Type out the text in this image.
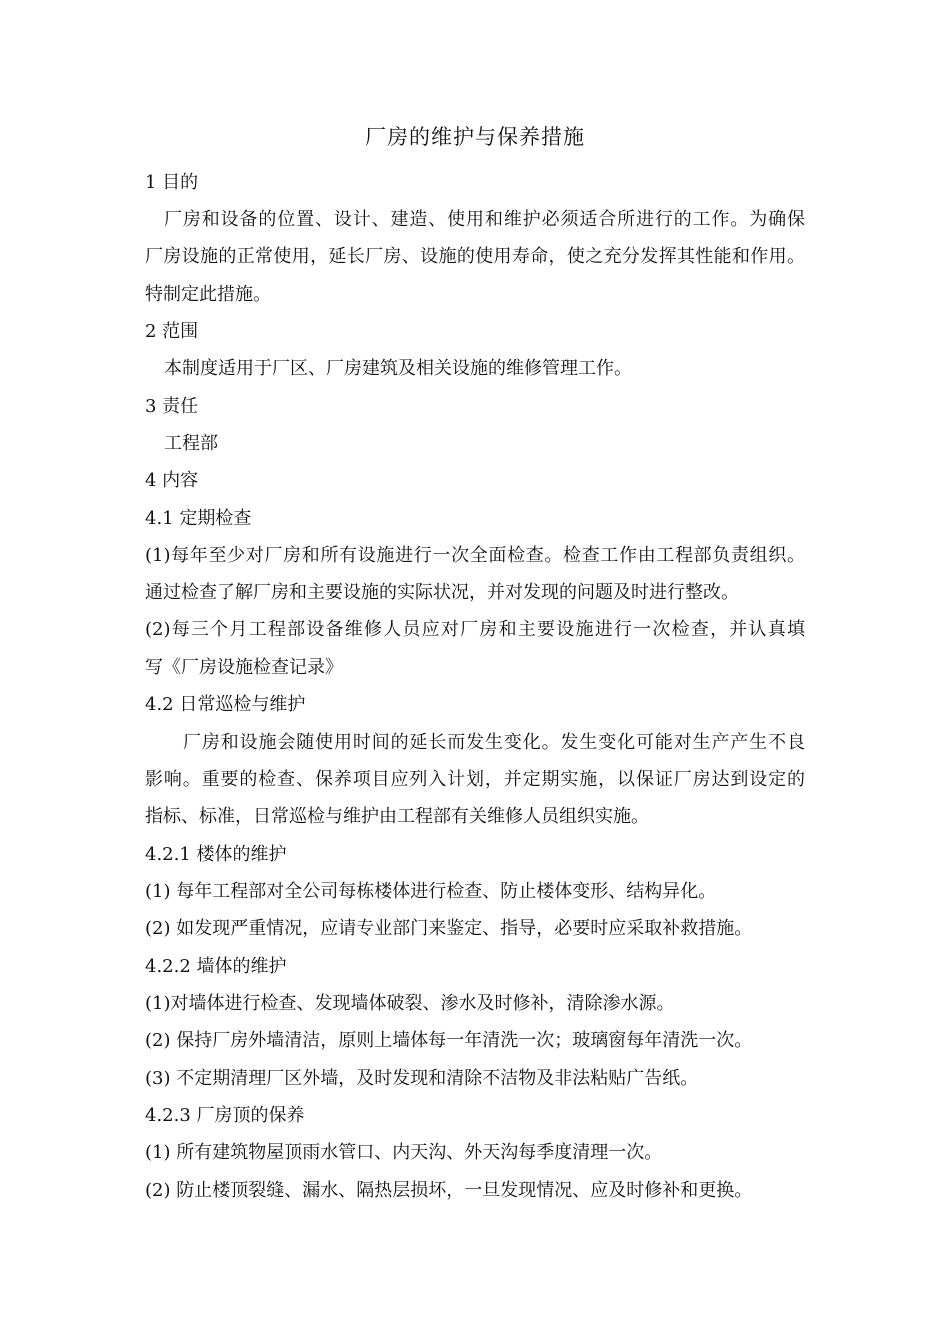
厂房的维护与保养措施
1 目的
厂房和设备的位置、设计、建造、使用和维护必须适合所进行的工作。为确保
厂房设施的正常使用，延长厂房、设施的使用寿命，使之充分发挥其性能和作用。
特制定此措施。
2 范围
本制度适用于厂区、厂房建筑及相关设施的维修管理工作。
3 责任
工程部
4 内容
4.1 定期检查
(1)每年至少对厂房和所有设施进行一次全面检查。检查工作由工程部负责组织。
通过检查了解厂房和主要设施的实际状况，并对发现的问题及时进行整改。
(2)每三个月工程部设备维修人员应对厂房和主要设施进行一次检查，并认真填
写《厂房设施检查记录》
4.2 日常巡检与维护
厂房和设施会随使用时间的延长而发生变化。发生变化可能对生产产生不良
影响。重要的检查、保养项目应列入计划，并定期实施，以保证厂房达到设定的
指标、标准，日常巡检与维护由工程部有关维修人员组织实施。
4.2.1 楼体的维护
(1) 每年工程部对全公司每栋楼体进行检查、防止楼体变形、结构异化。
(2) 如发现严重情况，应请专业部门来鉴定、指导，必要时应采取补救措施。
4.2.2 墙体的维护
(1)对墙体进行检查、发现墙体破裂、渗水及时修补，清除渗水源。
(2) 保持厂房外墙清洁，原则上墙体每一年清洗一次；玻璃窗每年清洗一次。
(3) 不定期清理厂区外墙，及时发现和清除不洁物及非法粘贴广告纸。
4.2.3 厂房顶的保养
(1) 所有建筑物屋顶雨水管口、内天沟、外天沟每季度清理一次。
(2) 防止楼顶裂缝、漏水、隔热层损坏，一旦发现情况、应及时修补和更换。
